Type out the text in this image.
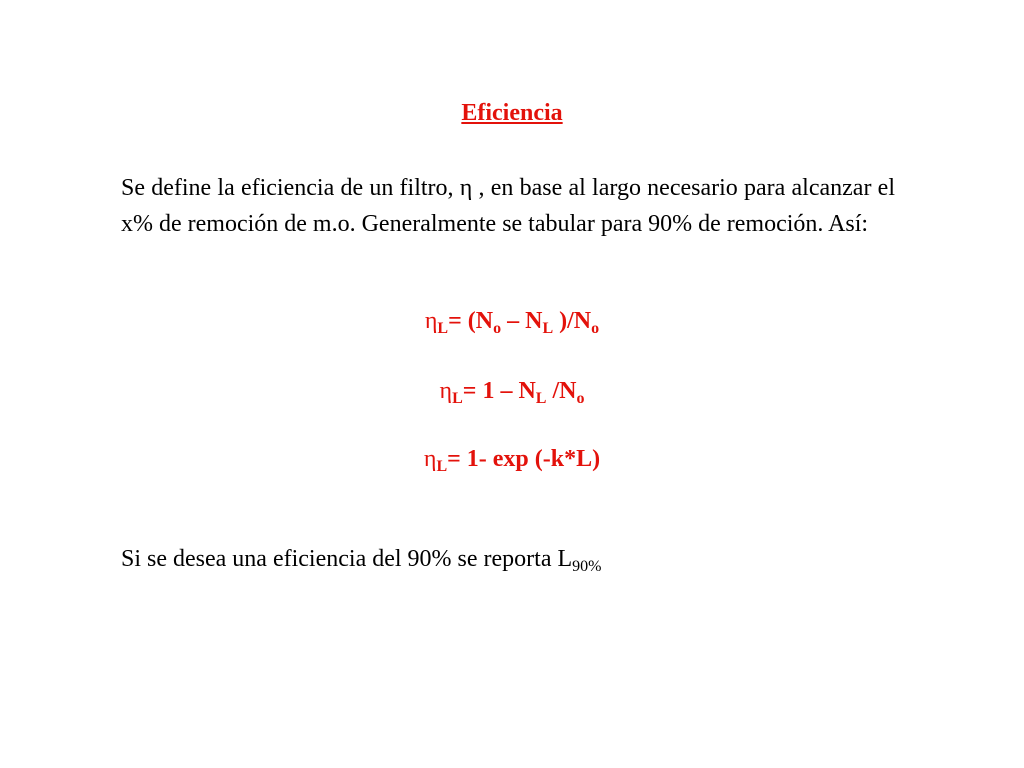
Eficiencia

Se define la eficiencia de un filtro, η , en base al largo necesario para alcanzar el x% de remoción de m.o. Generalmente se tabular para 90% de remoción. Así:

$\eta_L= (N_o - N_L$ )$/N_o$
$\eta_L= 1 - N_L$ $/N_o$
$\eta_L= 1-$ exp (-k*L)
Si se desea una eficiencia del 90% se reporta $L_{90\%}$
